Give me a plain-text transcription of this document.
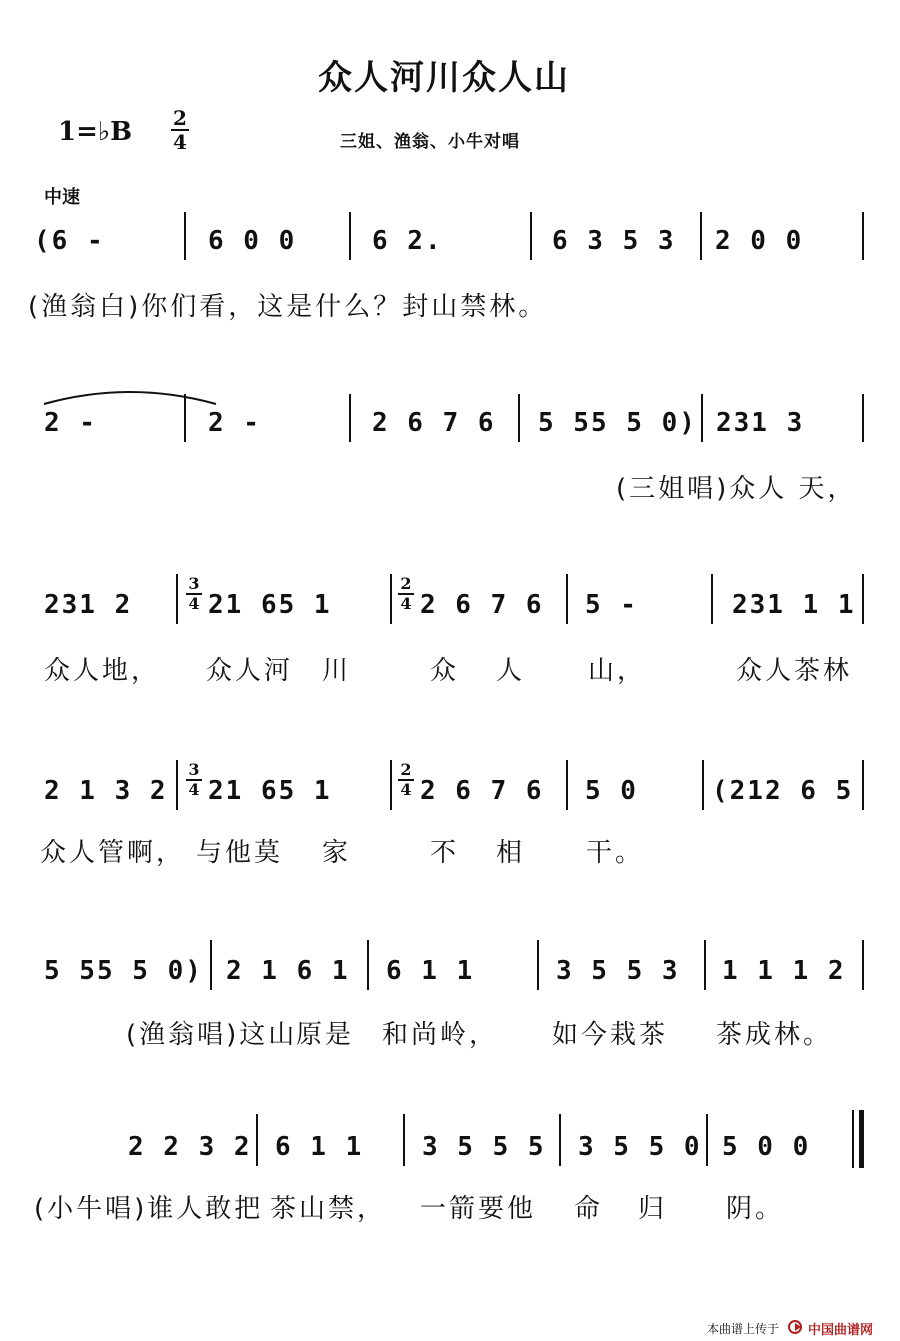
众人河川众人山
1=♭B 2
4	三姐、渔翁、小牛对唱
中速
(6 -	6 0 0	6 2.	6 3 5 3 2 0 0
(渔翁白)你们看，这是什么？封山禁林。
2 -	2 -	2 6 7 6 5 55 5 0) 231 3
(三姐唱)众人 天，
231 2
3
4 21 65 1
2
4 2 6 7 6 5 -	231 1 1
众人地， 众人河 川	众 人 山，	众人茶林
2 1 3 2
3
4 21 65 1
2
4 2 6 7 6 5 0	(212 6 5
众人管啊， 与他莫 家	不 相 干。
5 55 5 0) 2 1 6 1 6 1 1	3 5 5 3 1 1 1 2
(渔翁唱)这山
原是 和尚岭， 如今栽茶 茶成林。
2 2 3 2 6 1 1 3 5 5 5 3 5 5 0 5 0 0
(小牛唱)谁人敢把 茶山禁， 一箭要他 命 归 阴。
本曲谱上传于 中国曲谱网
